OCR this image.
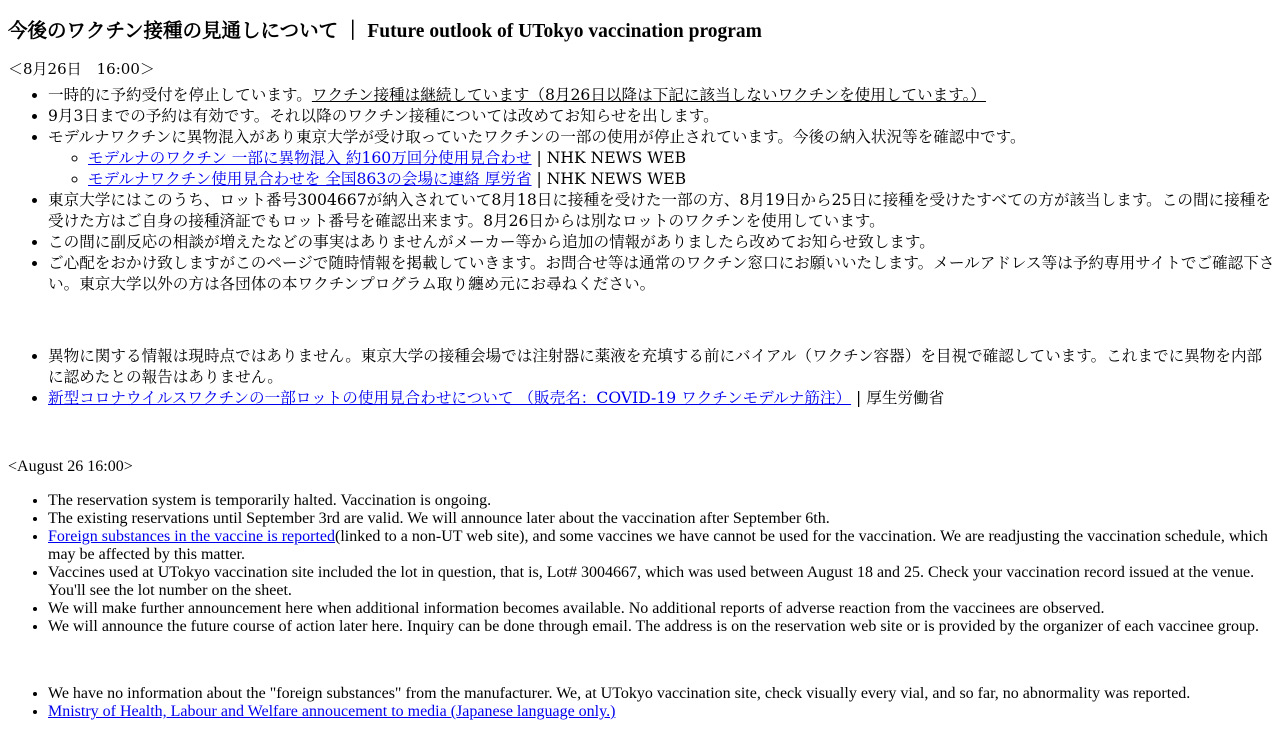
今後のワクチン接種の見通しについて ｜ Future outlook of UTokyo vaccination program

＜8月26日　16:00＞

• 一時的に予約受付を停止しています。ワクチン接種は継続しています（8月26日以降は下記に該当しないワクチンを使用しています。）
• 9月3日までの予約は有効です。それ以降のワクチン接種については改めてお知らせを出します。
• モデルナワクチンに異物混入があり東京大学が受け取っていたワクチンの一部の使用が停止されています。今後の納入状況等を確認中です。
◦ モデルナのワクチン 一部に異物混入 約160万回分使用見合わせ | NHK NEWS WEB
◦ モデルナワクチン使用見合わせを 全国863の会場に連絡 厚労省 | NHK NEWS WEB
• 東京大学にはこのうち、ロット番号3004667が納入されていて8月18日に接種を受けた一部の方、8月19日から25日に接種を受けたすべての方が該当します。この間に接種を受けた方はご自身の接種済証でもロット番号を確認出来ます。8月26日からは別なロットのワクチンを使用しています。
• この間に副反応の相談が増えたなどの事実はありませんがメーカー等から追加の情報がありましたら改めてお知らせ致します。
• ご心配をおかけ致しますがこのページで随時情報を掲載していきます。お問合せ等は通常のワクチン窓口にお願いいたします。メールアドレス等は予約専用サイトでご確認下さい。東京大学以外の方は各団体の本ワクチンプログラム取り纏め元にお尋ねください。
• 異物に関する情報は現時点ではありません。東京大学の接種会場では注射器に薬液を充填する前にバイアル（ワクチン容器）を目視で確認しています。これまでに異物を内部に認めたとの報告はありません。
• 新型コロナウイルスワクチンの一部ロットの使用見合わせについて （販売名：COVID-19 ワクチンモデルナ筋注） | 厚生労働省

<August 26 16:00>

• The reservation system is temporarily halted. Vaccination is ongoing.
• The existing reservations until September 3rd are valid. We will announce later about the vaccination after September 6th.
• Foreign substances in the vaccine is reported(linked to a non-UT web site), and some vaccines we have cannot be used for the vaccination. We are readjusting the vaccination schedule, which may be affected by this matter.
• Vaccines used at UTokyo vaccination site included the lot in question, that is, Lot# 3004667, which was used between August 18 and 25. Check your vaccination record issued at the venue. You'll see the lot number on the sheet.
• We will make further announcement here when additional information becomes available. No additional reports of adverse reaction from the vaccinees are observed.
• We will announce the future course of action later here. Inquiry can be done through email. The address is on the reservation web site or is provided by the organizer of each vaccinee group.
• We have no information about the "foreign substances" from the manufacturer. We, at UTokyo vaccination site, check visually every vial, and so far, no abnormality was reported.
• Mnistry of Health, Labour and Welfare annoucement to media (Japanese language only.)
